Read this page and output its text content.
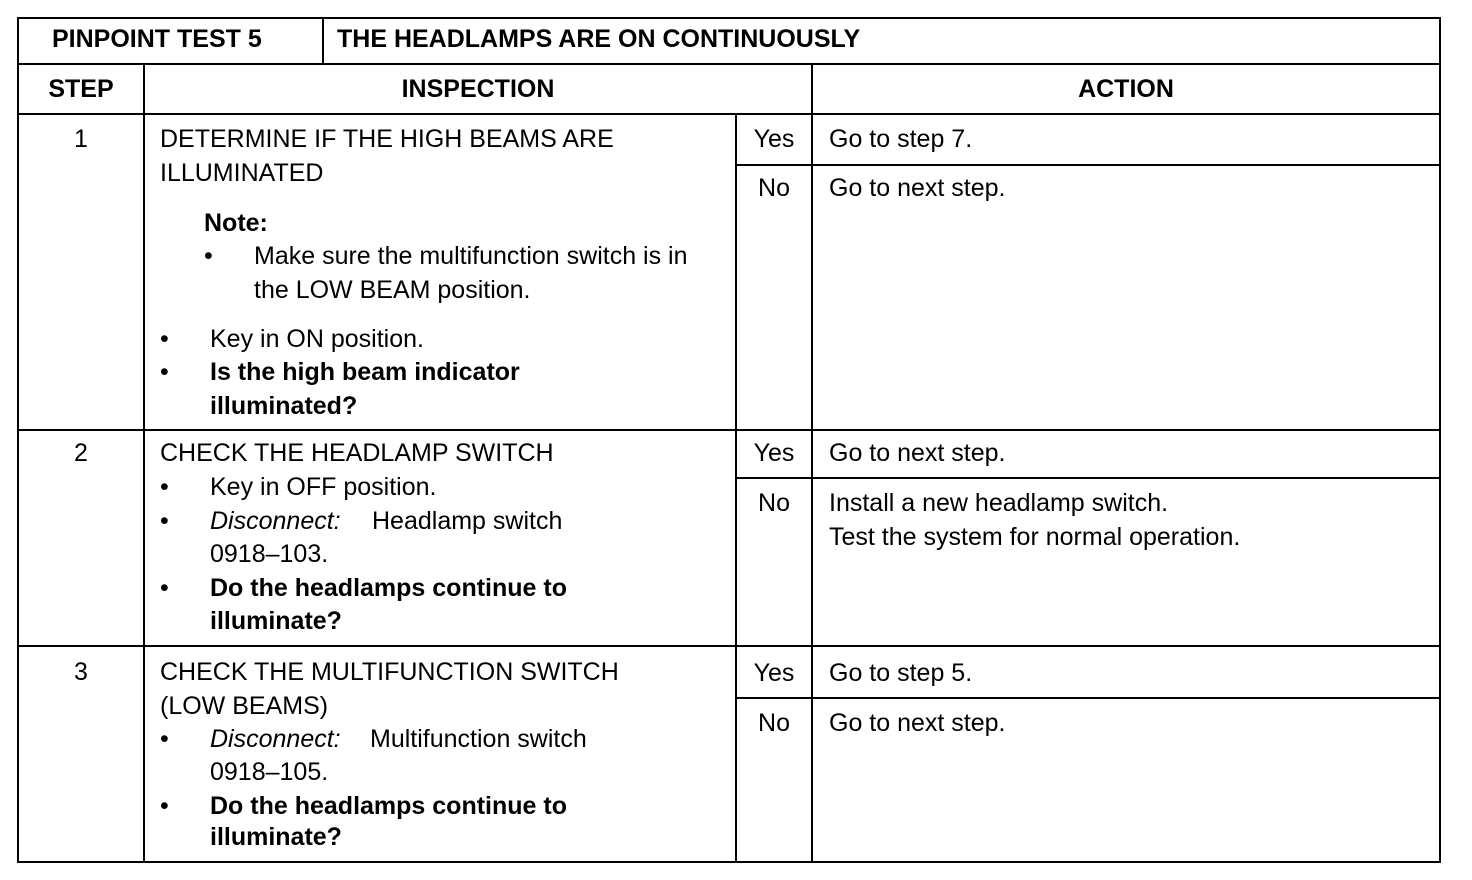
PINPOINT TEST 5	THE HEADLAMPS ARE ON CONTINUOUSLY
STEP	INSPECTION	ACTION
1	DETERMINE IF THE HIGH BEAMS ARE
ILLUMINATED
Note:
• Make sure the multifunction switch is in
the LOW BEAM position.
• Key in ON position.
• Is the high beam indicator
illuminated?
Yes	Go to step 7.
No	Go to next step.
2	CHECK THE HEADLAMP SWITCH
• Key in OFF position.
• Disconnect: Headlamp switch
0918–103.
• Do the headlamps continue to
illuminate?
Yes	Go to next step.
No	Install a new headlamp switch.
Test the system for normal operation.
3	CHECK THE MULTIFUNCTION SWITCH
(LOW BEAMS)
• Disconnect: Multifunction switch
0918–105.
• Do the headlamps continue to
illuminate?
Yes	Go to step 5.
No	Go to next step.
